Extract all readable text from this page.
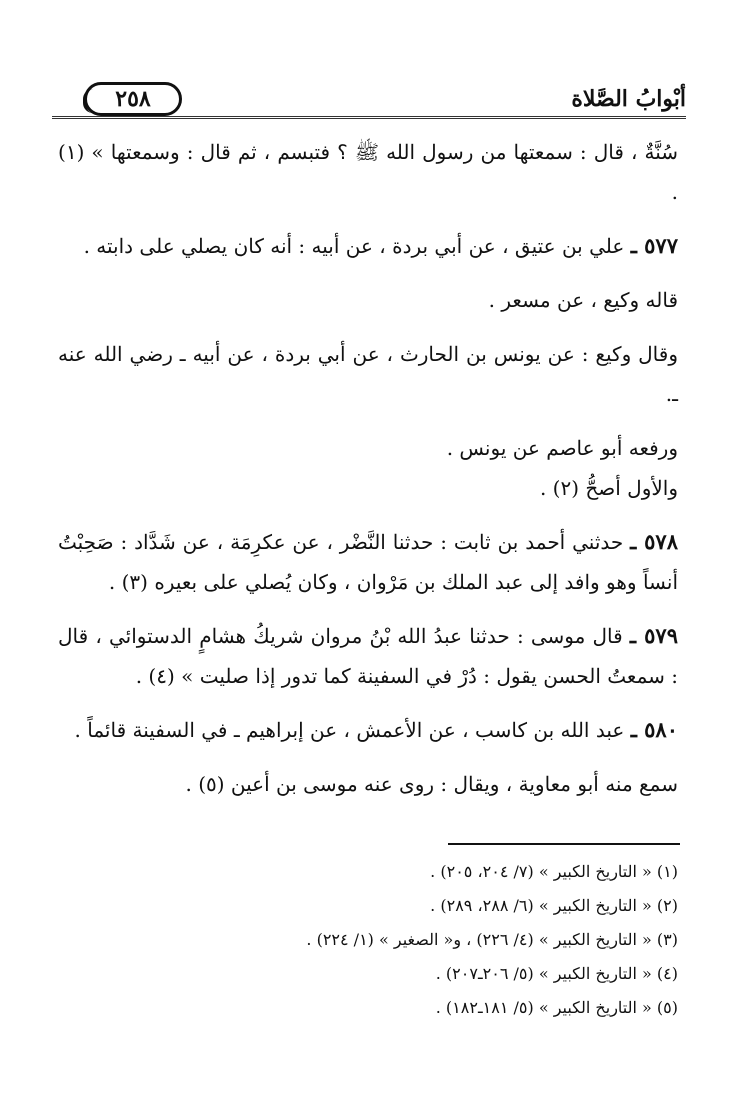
٢٥٨	أبْوابُ الصَّلاة

سُنَّةٌ ، قال : سمعتها من رسول الله ﷺ ؟ فتبسم ، ثم قال : وسمعتها » (١) .

٥٧٧ ـ علي بن عتيق ، عن أبي بردة ، عن أبيه : أنه كان يصلي على دابته .

قاله وكيع ، عن مسعر .

وقال وكيع : عن يونس بن الحارث ، عن أبي بردة ، عن أبيه ـ رضي الله عنه ـ.

ورفعه أبو عاصم عن يونس .

والأول أصحُّ (٢) .

٥٧٨ ـ حدثني أحمد بن ثابت : حدثنا النَّضْر ، عن عكرِمَة ، عن شَدَّاد : صَحِبْتُ أنساً وهو وافد إلى عبد الملك بن مَرْوان ، وكان يُصلي على بعيره (٣) .

٥٧٩ ـ قال موسى : حدثنا عبدُ الله بْنُ مروان شريكُ هشامٍ الدستوائي ، قال : سمعتُ الحسن يقول : دُرْ في السفينة كما تدور إذا صليت » (٤) .

٥٨٠ ـ عبد الله بن كاسب ، عن الأعمش ، عن إبراهيم ـ في السفينة قائماً .

سمع منه أبو معاوية ، ويقال : روى عنه موسى بن أعين (٥) .

(١) « التاريخ الكبير » (٧/ ٢٠٤، ٢٠٥) .

(٢) « التاريخ الكبير » (٦/ ٢٨٨، ٢٨٩) .

(٣) « التاريخ الكبير » (٤/ ٢٢٦) ، و« الصغير » (١/ ٢٢٤) .

(٤) « التاريخ الكبير » (٥/ ٢٠٦ـ٢٠٧) .

(٥) « التاريخ الكبير » (٥/ ١٨١ـ١٨٢) .
